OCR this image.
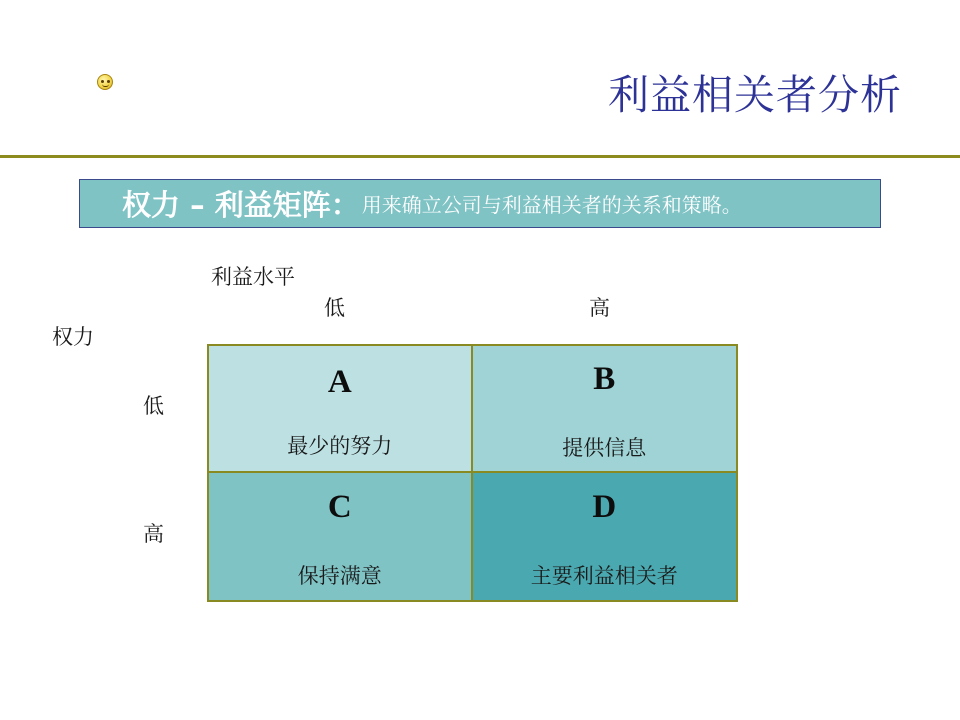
利益相关者分析
权力 – 利益矩阵： 用来确立公司与利益相关者的关系和策略。
利益水平
低	高
权力
低
高
A
最少的努力
B
提供信息
C
保持满意
D
主要利益相关者
